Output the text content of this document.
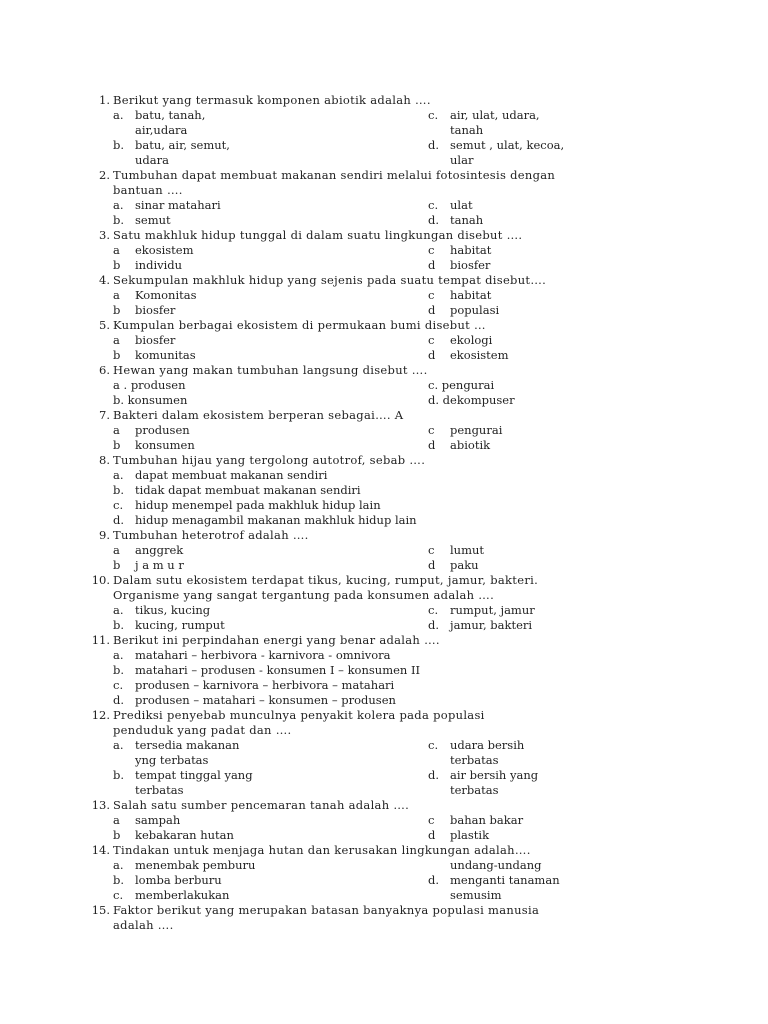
1. Berikut yang termasuk komponen abiotik adalah ….
a. batu, tanah,	c. air, ulat, udara,
air,udara	tanah
b. batu, air, semut,	d. semut , ulat, kecoa,
udara	ular
2. Tumbuhan dapat membuat makanan sendiri melalui fotosintesis dengan
bantuan ….
a. sinar matahari	c. ulat
b. semut	d. tanah
3. Satu makhluk hidup tunggal di dalam suatu lingkungan disebut ….
a ekosistem	c habitat
b individu	d biosfer
4. Sekumpulan makhluk hidup yang sejenis pada suatu tempat disebut….
a Komonitas	c habitat
b biosfer	d populasi
5. Kumpulan berbagai ekosistem di permukaan bumi disebut …
a biosfer	c ekologi
b komunitas	d ekosistem
6. Hewan yang makan tumbuhan langsung disebut ….
a . produsen	c. pengurai
b. konsumen	d. dekompuser
7. Bakteri dalam ekosistem berperan sebagai…. A
a produsen	c pengurai
b konsumen	d abiotik
8. Tumbuhan hijau yang tergolong autotrof, sebab ….
a. dapat membuat makanan sendiri
b. tidak dapat membuat makanan sendiri
c. hidup menempel pada makhluk hidup lain
d. hidup menagambil makanan makhluk hidup lain
9. Tumbuhan heterotrof adalah ….
a anggrek	c lumut
b j a m u r	d paku
10. Dalam sutu ekosistem terdapat tikus, kucing, rumput, jamur, bakteri.
Organisme yang sangat tergantung pada konsumen adalah ….
a. tikus, kucing	c. rumput, jamur
b. kucing, rumput	d. jamur, bakteri
11. Berikut ini perpindahan energi yang benar adalah ….
a. matahari – herbivora - karnivora - omnivora
b. matahari – produsen - konsumen I – konsumen II
c. produsen – karnivora – herbivora – matahari
d. produsen – matahari – konsumen – produsen
12. Prediksi penyebab munculnya penyakit kolera pada populasi
penduduk yang padat dan ….
a. tersedia makanan	c. udara bersih
yng terbatas	terbatas
b. tempat tinggal yang	d. air bersih yang
terbatas	terbatas
13. Salah satu sumber pencemaran tanah adalah ….
a sampah	c bahan bakar
b kebakaran hutan	d plastik
14. Tindakan untuk menjaga hutan dan kerusakan lingkungan adalah….
a. menembak pemburu	undang-undang
b. lomba berburu	d. menganti tanaman
c. memberlakukan	semusim
15. Faktor berikut yang merupakan batasan banyaknya populasi manusia
adalah ….
